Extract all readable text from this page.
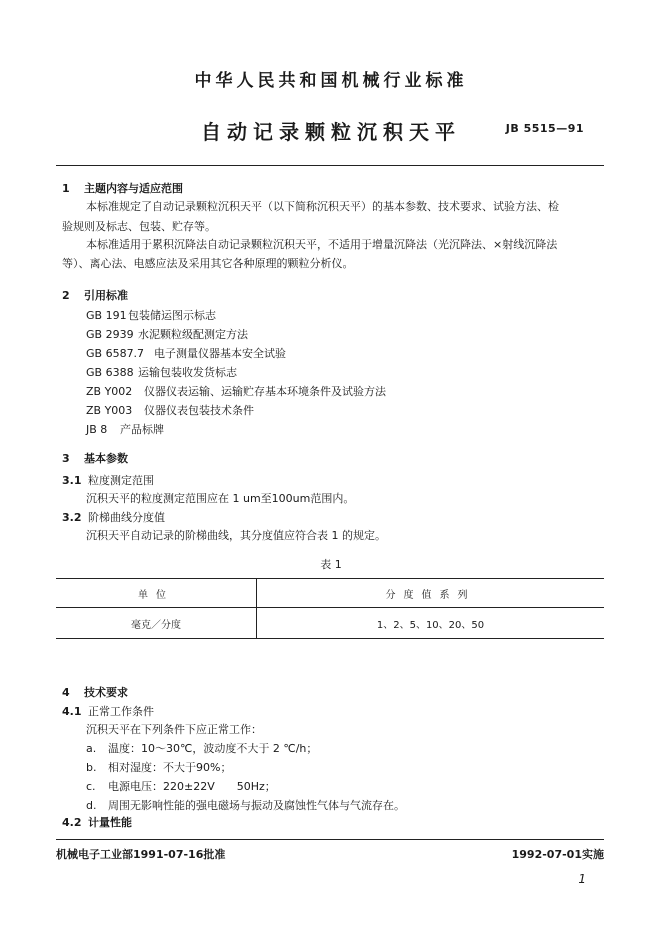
中华人民共和国机械行业标准
自动记录颗粒沉积天平	JB 5515—91
1 主题内容与适应范围
本标准规定了自动记录颗粒沉积天平（以下简称沉积天平）的基本参数、技术要求、试验方法、检
验规则及标志、包装、贮存等。
本标准适用于累积沉降法自动记录颗粒沉积天平，不适用于增量沉降法（光沉降法、×射线沉降法
等）、离心法、电感应法及采用其它各种原理的颗粒分析仪。
2 引用标准
GB 191包装储运图示标志
GB 2939 水泥颗粒级配测定方法
GB 6587.7 电子测量仪器基本安全试验
GB 6388 运输包装收发货标志
ZB Y002 仪器仪表运输、运输贮存基本环境条件及试验方法
ZB Y003 仪器仪表包装技术条件
JB 8 产品标牌
3 基本参数
3.1 粒度测定范围
沉积天平的粒度测定范围应在 1 um至100um范围内。
3.2 阶梯曲线分度值
沉积天平自动记录的阶梯曲线，其分度值应符合表 1 的规定。
表 1
单位	分度值系列
毫克／分度	1、2、5、10、20、50
4 技术要求
4.1 正常工作条件
沉积天平在下列条件下应正常工作：
a. 温度：10～30℃，波动度不大于 2 ℃/h；
b. 相对湿度：不大于90%；
c. 电源电压：220±22V　　50Hz；
d. 周围无影响性能的强电磁场与振动及腐蚀性气体与气流存在。
4.2 计量性能
机械电子工业部1991-07-16批准	1992-07-01实施
1
